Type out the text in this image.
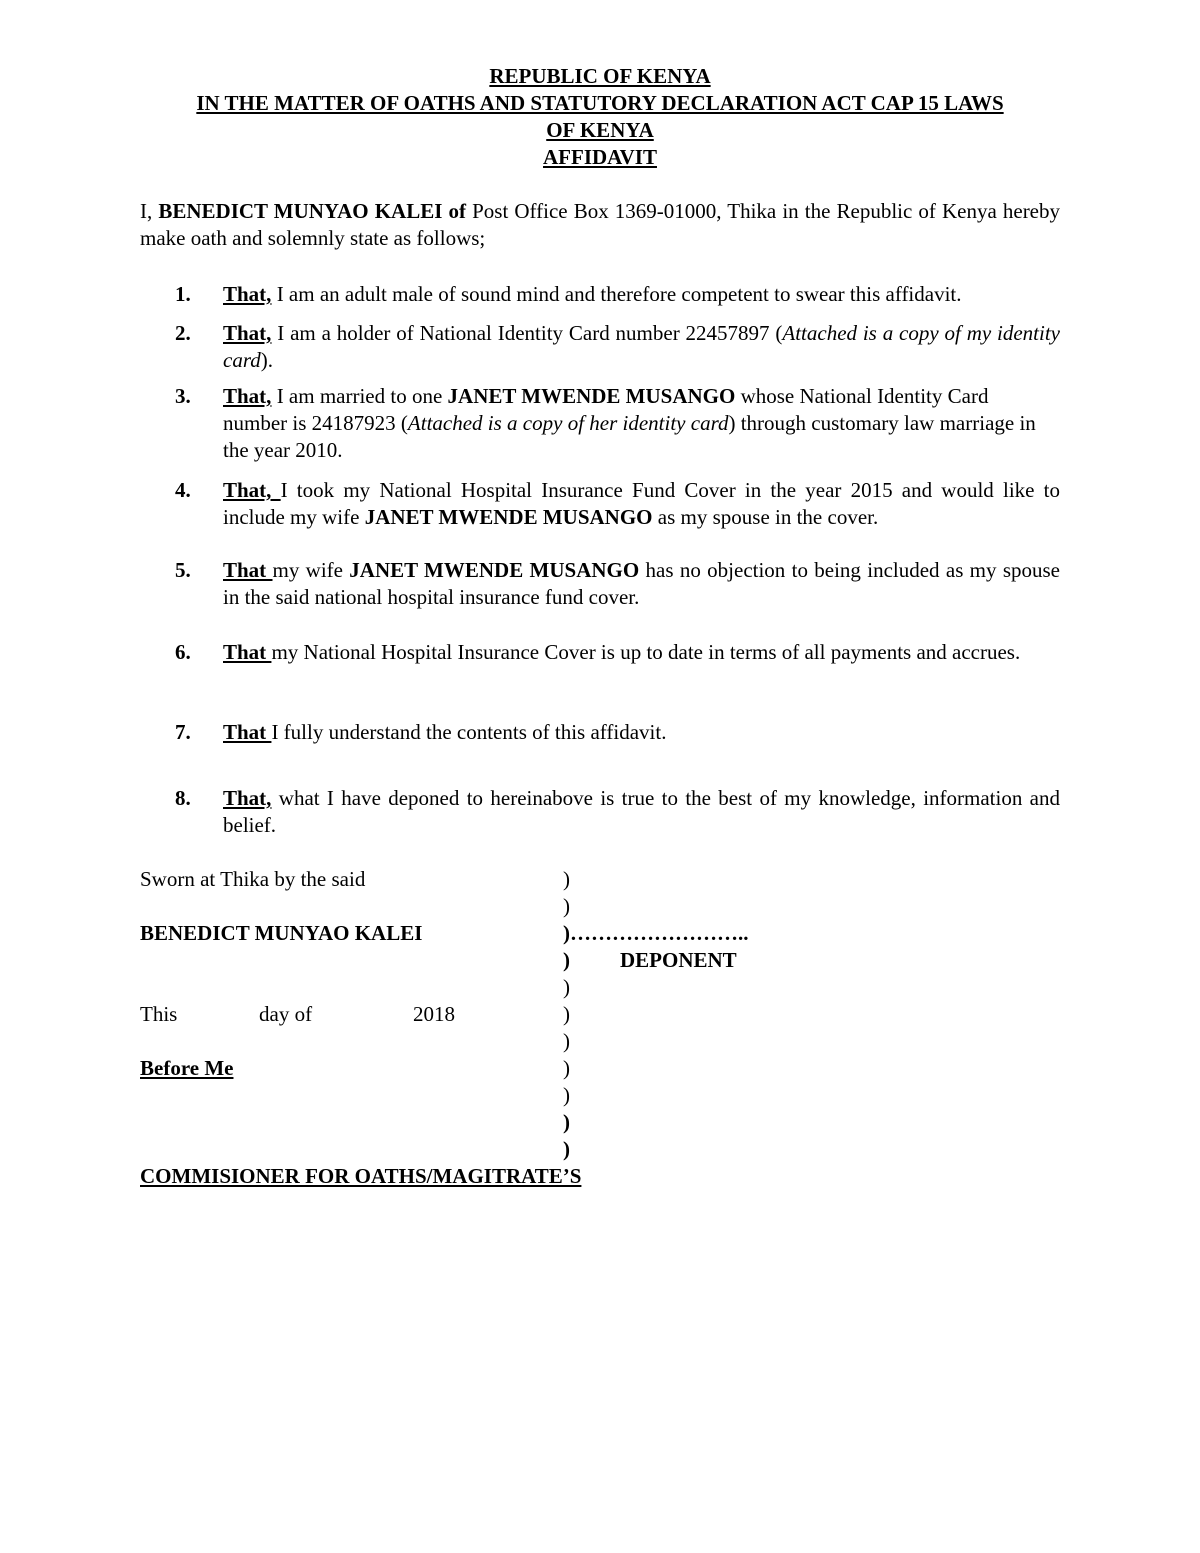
REPUBLIC OF KENYA
IN THE MATTER OF OATHS AND STATUTORY DECLARATION ACT CAP 15 LAWS
OF KENYA
AFFIDAVIT
I, BENEDICT MUNYAO KALEI of Post Office Box 1369-01000, Thika in the Republic of Kenya hereby make oath and solemnly state as follows;
1.	That, I am an adult male of sound mind and therefore competent to swear this affidavit.
2.	That, I am a holder of National Identity Card number 22457897 (Attached is a copy of my identity card).
3.	That, I am married to one JANET MWENDE MUSANGO whose National Identity Card number is 24187923 (Attached is a copy of her identity card) through customary law marriage in the year 2010.
4.	That, I took my National Hospital Insurance Fund Cover in the year 2015 and would like to include my wife JANET MWENDE MUSANGO as my spouse in the cover.
5.	That my wife JANET MWENDE MUSANGO has no objection to being included as my spouse in the said national hospital insurance fund cover.
6.	That my National Hospital Insurance Cover is up to date in terms of all payments and accrues.
7.	That I fully understand the contents of this affidavit.
8.	That, what I have deponed to hereinabove is true to the best of my knowledge, information and belief.
Sworn at Thika by the said
BENEDICT MUNYAO KALEI
This	day of	2018
Before Me
COMMISIONER FOR OATHS/MAGITRATE’S
)
)
)……………………..
) DEPONENT
)
)
)
)
)
)
)
